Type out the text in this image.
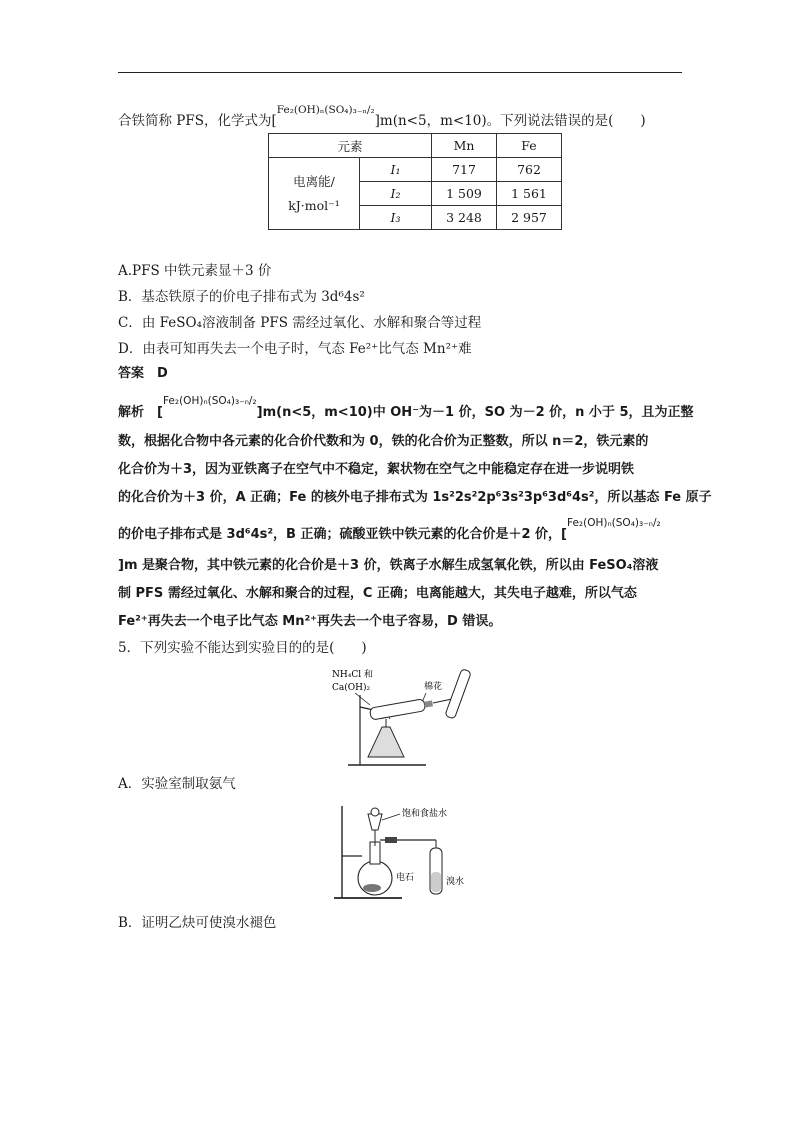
合铁简称 PFS，化学式为[Fe₂(OH)ₙ(SO₄)₃₋ₙ/₂]m(n<5，m<10)。下列说法错误的是(　　)
元素		Mn	Fe

电离能/
kJ·mol⁻¹	I₁	717	762
	I₂	1 509	1 561
	I₃	3 248	2 957
A.PFS 中铁元素显＋3 价
B．基态铁原子的价电子排布式为 3d⁶4s²
C．由 FeSO₄溶液制备 PFS 需经过氧化、水解和聚合等过程
D．由表可知再失去一个电子时，气态 Fe²⁺比气态 Mn²⁺难
答案　D
解析　[Fe₂(OH)ₙ(SO₄)₃₋ₙ/₂]m(n<5，m<10)中 OH⁻为－1 价，SO 为－2 价，n 小于 5，且为正整
数，根据化合物中各元素的化合价代数和为 0，铁的化合价为正整数，所以 n＝2，铁元素的
化合价为＋3，因为亚铁离子在空气中不稳定，絮状物在空气之中能稳定存在进一步说明铁
的化合价为＋3 价，A 正确；Fe 的核外电子排布式为 1s²2s²2p⁶3s²3p⁶3d⁶4s²，所以基态 Fe 原子
的价电子排布式是 3d⁶4s²，B 正确；硫酸亚铁中铁元素的化合价是＋2 价，[Fe₂(OH)ₙ(SO₄)₃₋ₙ/₂
]m 是聚合物，其中铁元素的化合价是＋3 价，铁离子水解生成氢氧化铁，所以由 FeSO₄溶液
制 PFS 需经过氧化、水解和聚合的过程，C 正确；电离能越大，其失电子越难，所以气态
Fe²⁺再失去一个电子比气态 Mn²⁺再失去一个电子容易，D 错误。
5．下列实验不能达到实验目的的是(　　)
NH₄Cl 和
Ca(OH)₂	棉花
A．实验室制取氨气
饱和食盐水
电石	溴水
B．证明乙炔可使溴水褪色
